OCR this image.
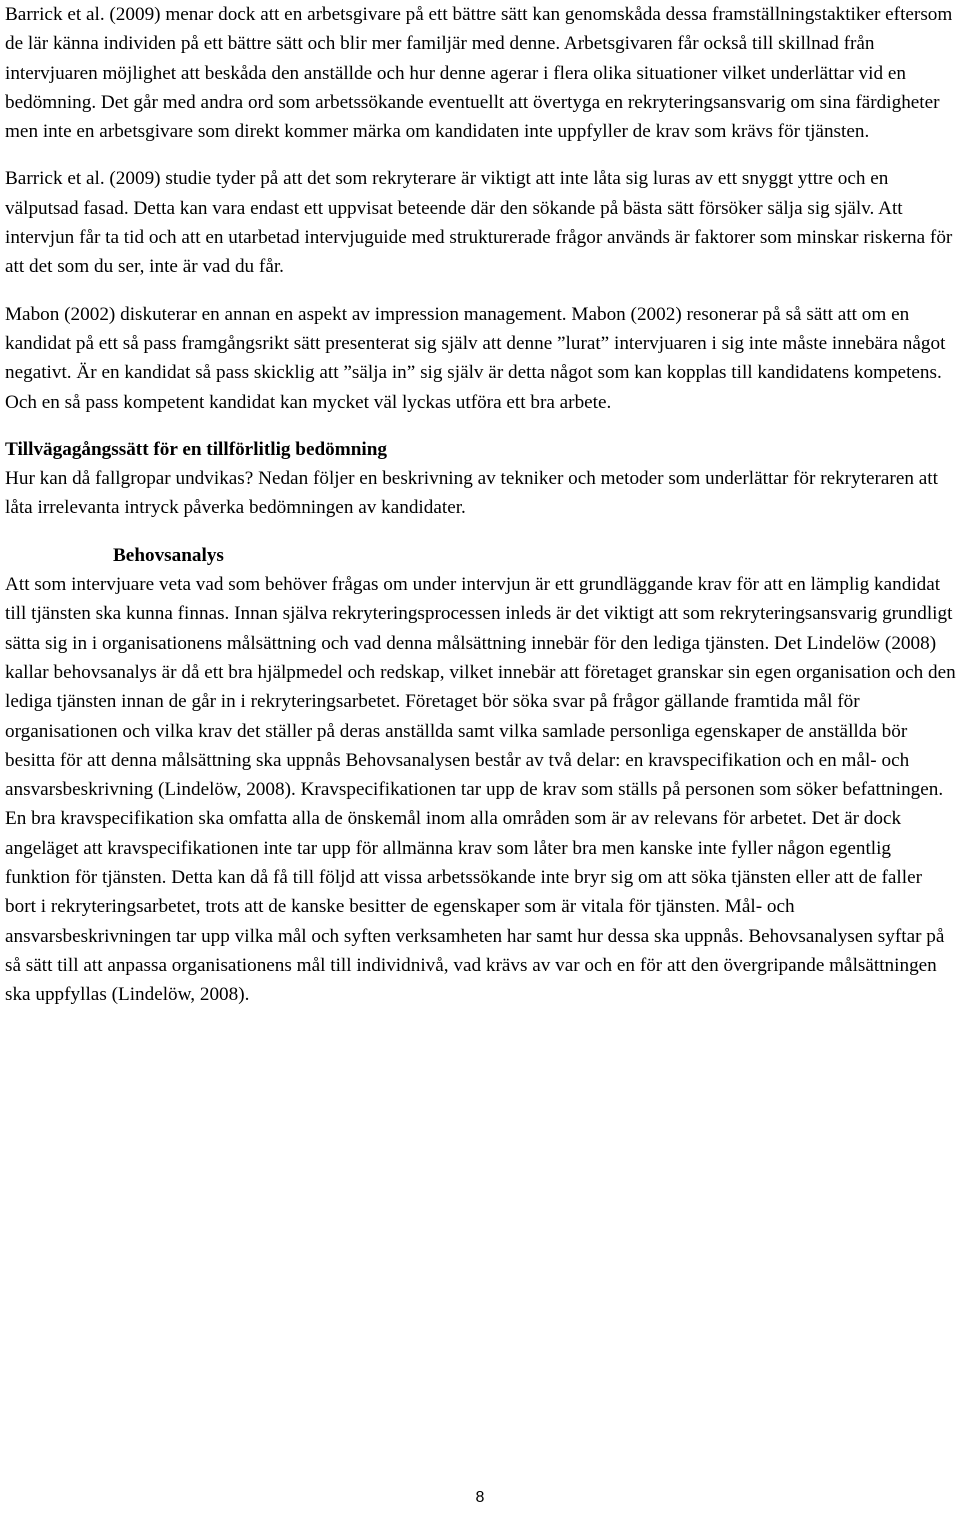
Barrick et al. (2009) menar dock att en arbetsgivare på ett bättre sätt kan genomskåda dessa framställningstaktiker eftersom de lär känna individen på ett bättre sätt och blir mer familjär med denne. Arbetsgivaren får också till skillnad från intervjuaren möjlighet att beskåda den anställde och hur denne agerar i flera olika situationer vilket underlättar vid en bedömning. Det går med andra ord som arbetssökande eventuellt att övertyga en rekryteringsansvarig om sina färdigheter men inte en arbetsgivare som direkt kommer märka om kandidaten inte uppfyller de krav som krävs för tjänsten.

Barrick et al. (2009) studie tyder på att det som rekryterare är viktigt att inte låta sig luras av ett snyggt yttre och en välputsad fasad. Detta kan vara endast ett uppvisat beteende där den sökande på bästa sätt försöker sälja sig själv. Att intervjun får ta tid och att en utarbetad intervjuguide med strukturerade frågor används är faktorer som minskar riskerna för att det som du ser, inte är vad du får.

Mabon (2002) diskuterar en annan en aspekt av impression management. Mabon (2002) resonerar på så sätt att om en kandidat på ett så pass framgångsrikt sätt presenterat sig själv att denne ”lurat” intervjuaren i sig inte måste innebära något negativt. Är en kandidat så pass skicklig att ”sälja in” sig själv är detta något som kan kopplas till kandidatens kompetens. Och en så pass kompetent kandidat kan mycket väl lyckas utföra ett bra arbete.

Tillvägagångssätt för en tillförlitlig bedömning

Hur kan då fallgropar undvikas? Nedan följer en beskrivning av tekniker och metoder som underlättar för rekryteraren att låta irrelevanta intryck påverka bedömningen av kandidater.

Behovsanalys

Att som intervjuare veta vad som behöver frågas om under intervjun är ett grundläggande krav för att en lämplig kandidat till tjänsten ska kunna finnas. Innan själva rekryteringsprocessen inleds är det viktigt att som rekryteringsansvarig grundligt sätta sig in i organisationens målsättning och vad denna målsättning innebär för den lediga tjänsten. Det Lindelöw (2008) kallar behovsanalys är då ett bra hjälpmedel och redskap, vilket innebär att företaget granskar sin egen organisation och den lediga tjänsten innan de går in i rekryteringsarbetet. Företaget bör söka svar på frågor gällande framtida mål för organisationen och vilka krav det ställer på deras anställda samt vilka samlade personliga egenskaper de anställda bör besitta för att denna målsättning ska uppnås Behovsanalysen består av två delar: en kravspecifikation och en mål- och ansvarsbeskrivning (Lindelöw, 2008). Kravspecifikationen tar upp de krav som ställs på personen som söker befattningen. En bra kravspecifikation ska omfatta alla de önskemål inom alla områden som är av relevans för arbetet. Det är dock angeläget att kravspecifikationen inte tar upp för allmänna krav som låter bra men kanske inte fyller någon egentlig funktion för tjänsten. Detta kan då få till följd att vissa arbetssökande inte bryr sig om att söka tjänsten eller att de faller bort i rekryteringsarbetet, trots att de kanske besitter de egenskaper som är vitala för tjänsten. Mål- och ansvarsbeskrivningen tar upp vilka mål och syften verksamheten har samt hur dessa ska uppnås. Behovsanalysen syftar på så sätt till att anpassa organisationens mål till individnivå, vad krävs av var och en för att den övergripande målsättningen ska uppfyllas (Lindelöw, 2008).

8
